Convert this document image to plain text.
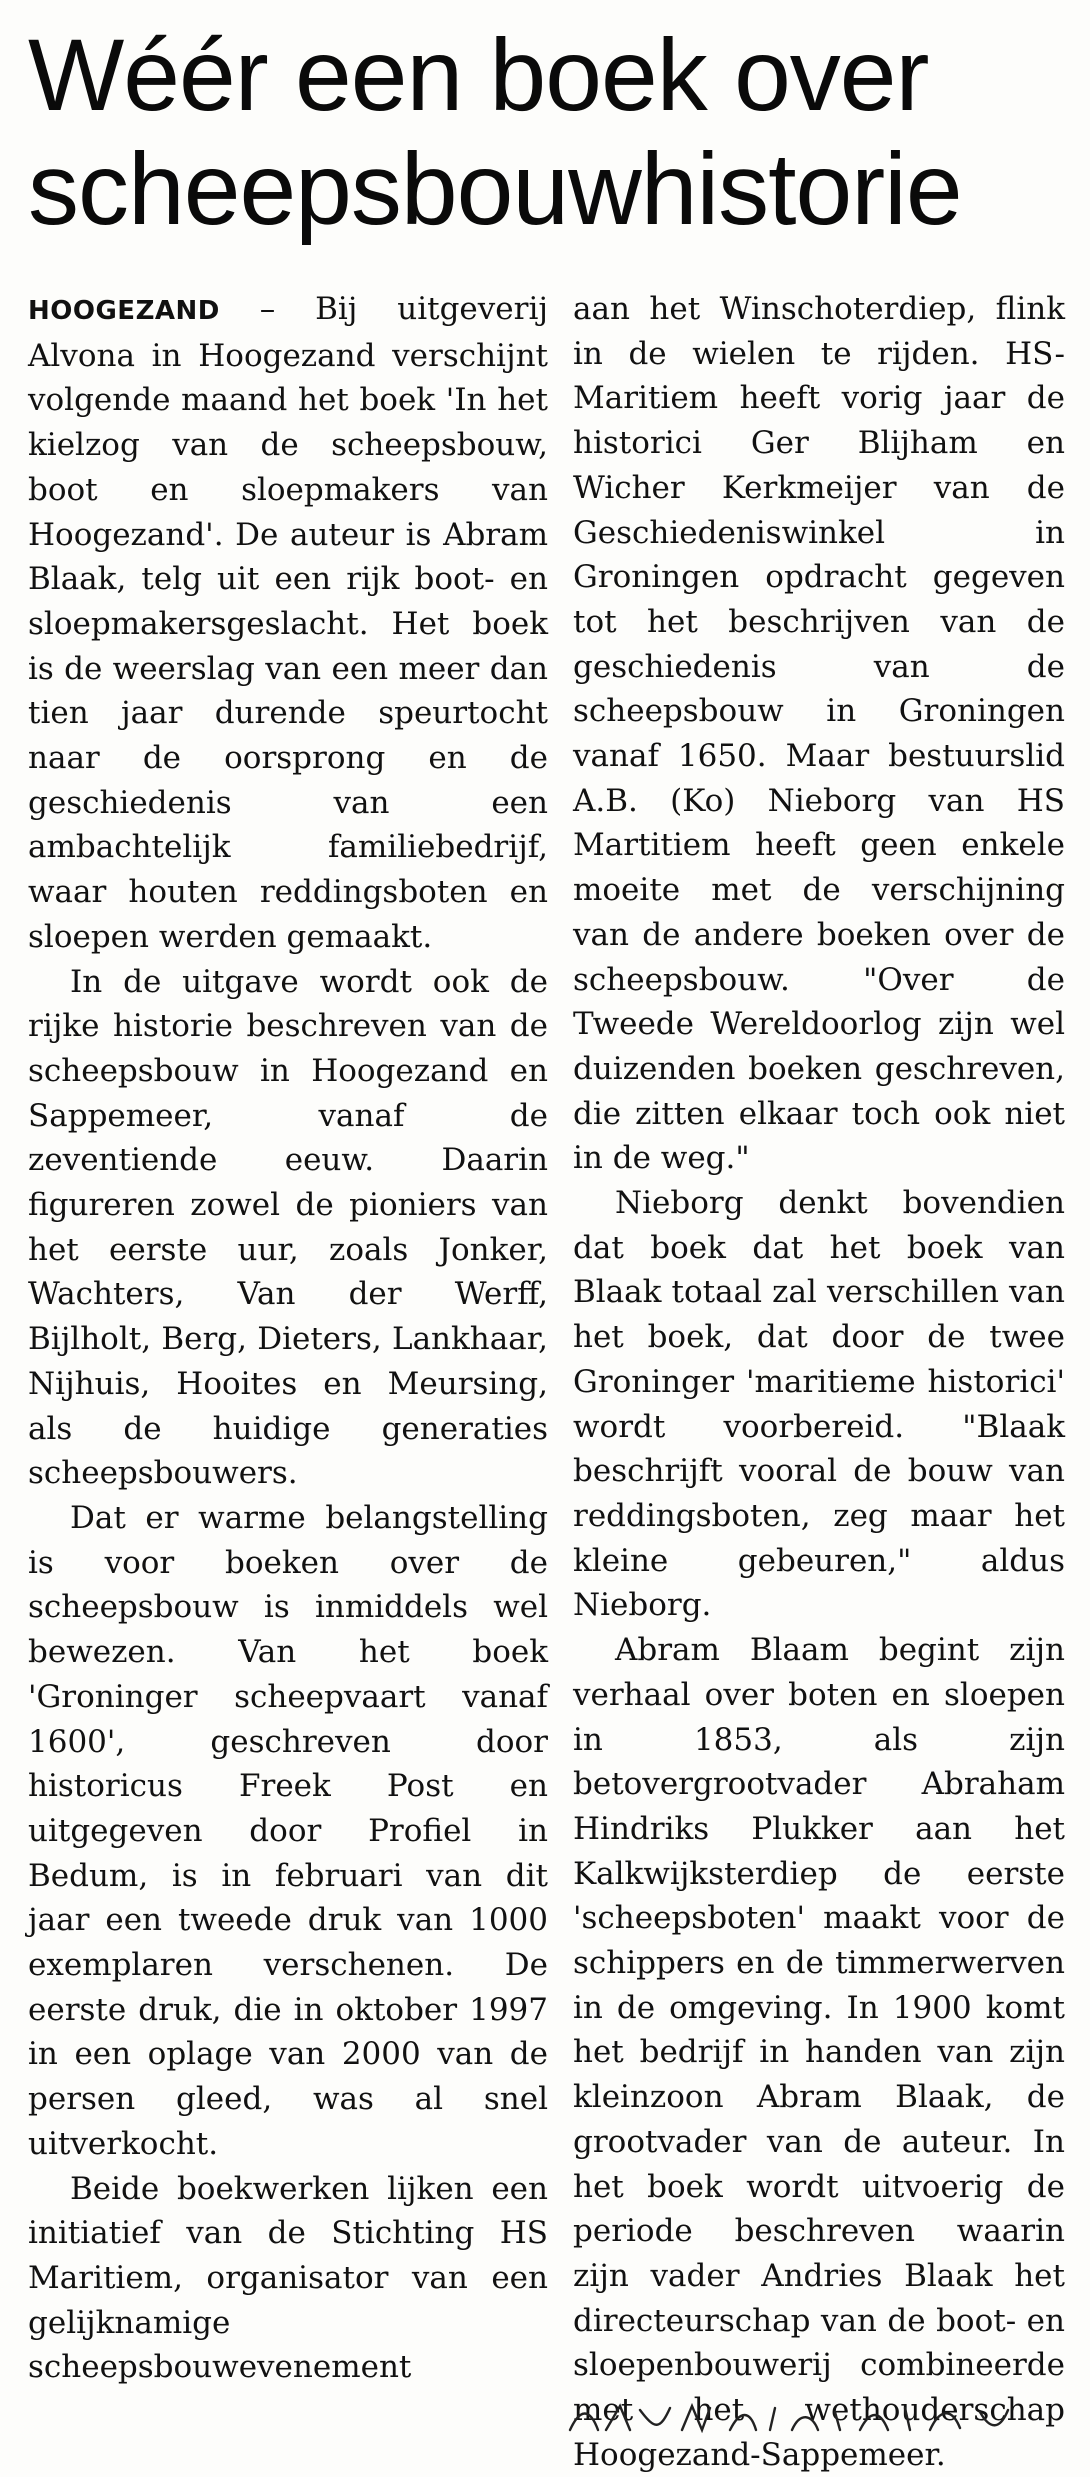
Wéér een boek over
scheepsbouwhistorie

HOOGEZAND – Bij uitgeverij Alvona in Hoogezand verschijnt volgende maand het boek 'In het kielzog van de scheepsbouw, boot en sloepmakers van Hoogezand'. De auteur is Abram Blaak, telg uit een rijk boot- en sloepmakersgeslacht. Het boek is de weerslag van een meer dan tien jaar durende speurtocht naar de oorsprong en de geschiedenis van een ambachtelijk familiebedrijf, waar houten reddingsboten en sloepen werden gemaakt.

In de uitgave wordt ook de rijke historie beschreven van de scheepsbouw in Hoogezand en Sappemeer, vanaf de zeventiende eeuw. Daarin figureren zowel de pioniers van het eerste uur, zoals Jonker, Wachters, Van der Werff, Bijlholt, Berg, Dieters, Lankhaar, Nijhuis, Hooites en Meursing, als de huidige generaties scheepsbouwers.

Dat er warme belangstelling is voor boeken over de scheepsbouw is inmiddels wel bewezen. Van het boek 'Groninger scheepvaart vanaf 1600', geschreven door historicus Freek Post en uitgegeven door Profiel in Bedum, is in februari van dit jaar een tweede druk van 1000 exemplaren verschenen. De eerste druk, die in oktober 1997 in een oplage van 2000 van de persen gleed, was al snel uitverkocht.

Beide boekwerken lijken een initiatief van de Stichting HS Maritiem, organisator van een gelijknamige scheepsbouwevenement

aan het Winschoterdiep, flink in de wielen te rijden. HS-Maritiem heeft vorig jaar de historici Ger Blijham en Wicher Kerkmeijer van de Geschiedeniswinkel in Groningen opdracht gegeven tot het beschrijven van de geschiedenis van de scheepsbouw in Groningen vanaf 1650. Maar bestuurslid A.B. (Ko) Nieborg van HS Martitiem heeft geen enkele moeite met de verschijning van de andere boeken over de scheepsbouw. "Over de Tweede Wereldoorlog zijn wel duizenden boeken geschreven, die zitten elkaar toch ook niet in de weg."

Nieborg denkt bovendien dat boek dat het boek van Blaak totaal zal verschillen van het boek, dat door de twee Groninger 'maritieme historici' wordt voorbereid. "Blaak beschrijft vooral de bouw van reddingsboten, zeg maar het kleine gebeuren," aldus Nieborg.

Abram Blaam begint zijn verhaal over boten en sloepen in 1853, als zijn betovergrootvader Abraham Hindriks Plukker aan het Kalkwijksterdiep de eerste 'scheepsboten' maakt voor de schippers en de timmerwerven in de omgeving. In 1900 komt het bedrijf in handen van zijn kleinzoon Abram Blaak, de grootvader van de auteur. In het boek wordt uitvoerig de periode beschreven waarin zijn vader Andries Blaak het directeurschap van de boot- en sloepenbouwerij combineerde met het wethouderschap Hoogezand-Sappemeer.
